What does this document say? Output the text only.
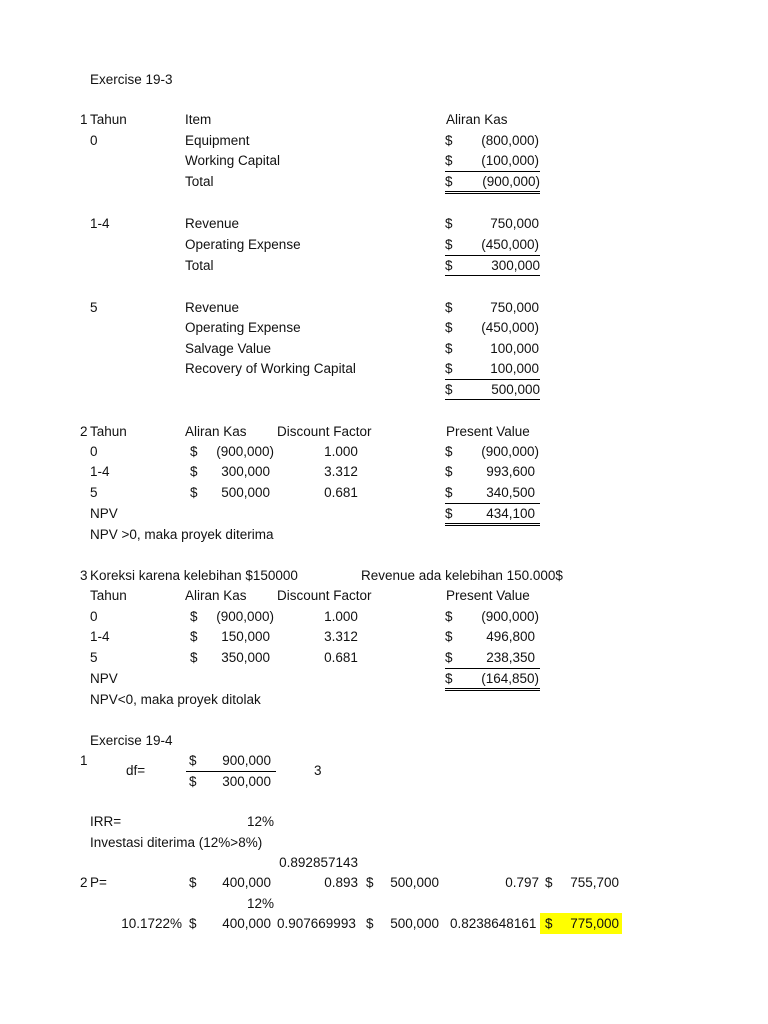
Exercise 19-3
1 Tahun	Item	Aliran Kas
0	Equipment	$ (800,000)
Working Capital	$ (100,000)
Total	$ (900,000)
1-4	Revenue	$	750,000
Operating Expense	$ (450,000)
Total	$	300,000
5	Revenue	$	750,000
Operating Expense	$ (450,000)
Salvage Value	$	100,000
Recovery of Working Capital	$	100,000
$	500,000
2 Tahun	Aliran Kas Discount Factor	Present Value
0	$ (900,000)	1.000	$ (900,000)
1-4	$ 300,000	3.312	$ 993,600
5	$ 500,000	0.681	$ 340,500
NPV	$ 434,100
NPV >0, maka proyek diterima
3 Koreksi karena kelebihan $150000	Revenue ada kelebihan 150.000$
Tahun	Aliran Kas Discount Factor	Present Value
0	$ (900,000)	1.000	$ (900,000)
1-4	$ 150,000	3.312	$ 496,800
5	$ 350,000	0.681	$ 238,350
NPV	$ (164,850)
NPV<0, maka proyek ditolak
Exercise 19-4
1
df=
$ 900,000
$ 300,000
3
IRR=	12%
Investasi diterima (12%>8%)
0.892857143
2 P=	$ 400,000	0.893 $ 500,000	0.797 $ 755,700
12%
10.1722% $ 400,000 0.907669993 $ 500,000 0.8238648161 $ 775,000
